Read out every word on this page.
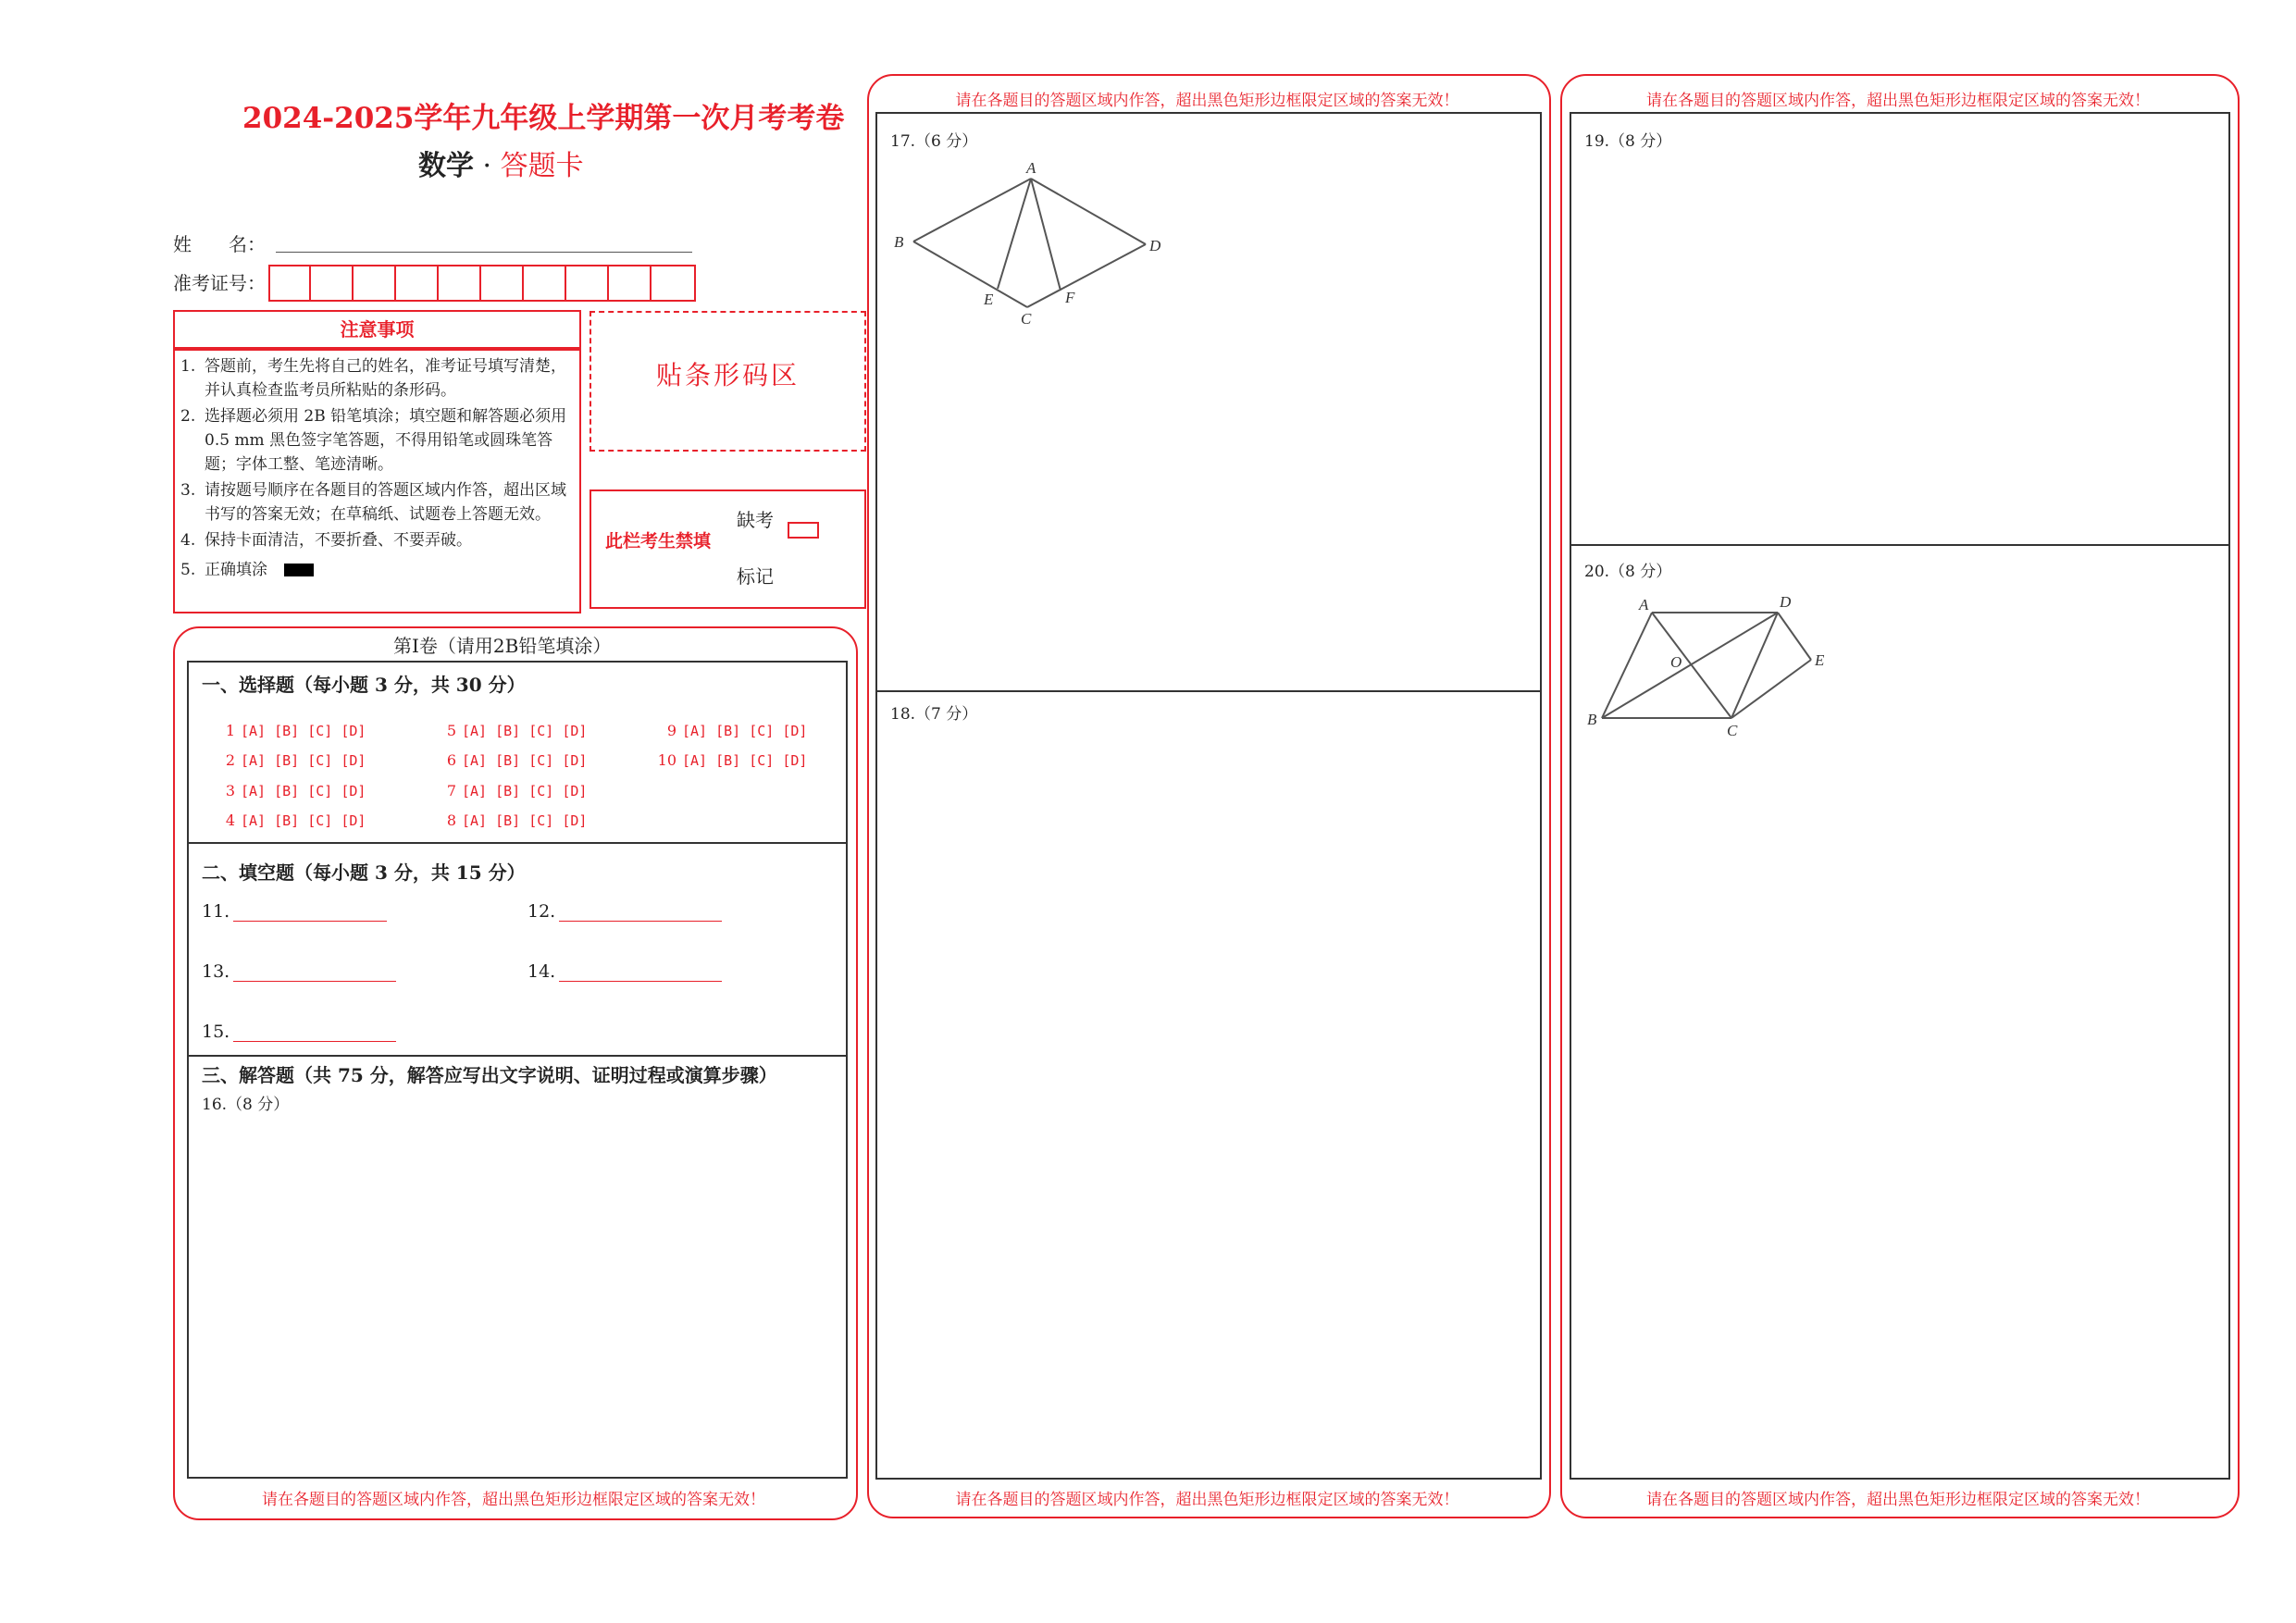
2024-2025学年九年级上学期第一次月考考卷
数学 · 答题卡
姓　　名：
准考证号：
注意事项
1. 答题前，考生先将自己的姓名，准考证号填写清楚，并认真检查监考员所粘贴的条形码。
2. 选择题必须用 2B 铅笔填涂；填空题和解答题必须用 0.5 mm 黑色签字笔答题，不得用铅笔或圆珠笔答题；字体工整、笔迹清晰。
3. 请按题号顺序在各题目的答题区域内作答，超出区域书写的答案无效；在草稿纸、试题卷上答题无效。
4. 保持卡面清洁，不要折叠、不要弄破。
5. 正确填涂
贴条形码区
此栏考生禁填
缺考
标记
第Ⅰ卷（请用2B铅笔填涂）
一、选择题（每小题 3 分，共 30 分）
1 [A] [B] [C] [D]
2 [A] [B] [C] [D]
3 [A] [B] [C] [D]
4 [A] [B] [C] [D]
5 [A] [B] [C] [D]
6 [A] [B] [C] [D]
7 [A] [B] [C] [D]
8 [A] [B] [C] [D]
9 [A] [B] [C] [D]
10 [A] [B] [C] [D]
二、填空题（每小题 3 分，共 15 分）
11.	12.
13.	14.
15.
三、解答题（共 75 分，解答应写出文字说明、证明过程或演算步骤）
16.（8 分）
请在各题目的答题区域内作答，超出黑色矩形边框限定区域的答案无效！
请在各题目的答题区域内作答，超出黑色矩形边框限定区域的答案无效！
17.（6 分）
A
B
C
D
E	F
18.（7 分）
请在各题目的答题区域内作答，超出黑色矩形边框限定区域的答案无效！
请在各题目的答题区域内作答，超出黑色矩形边框限定区域的答案无效！
19.（8 分）
20.（8 分）
A
B
C
D
E
O
请在各题目的答题区域内作答，超出黑色矩形边框限定区域的答案无效！
